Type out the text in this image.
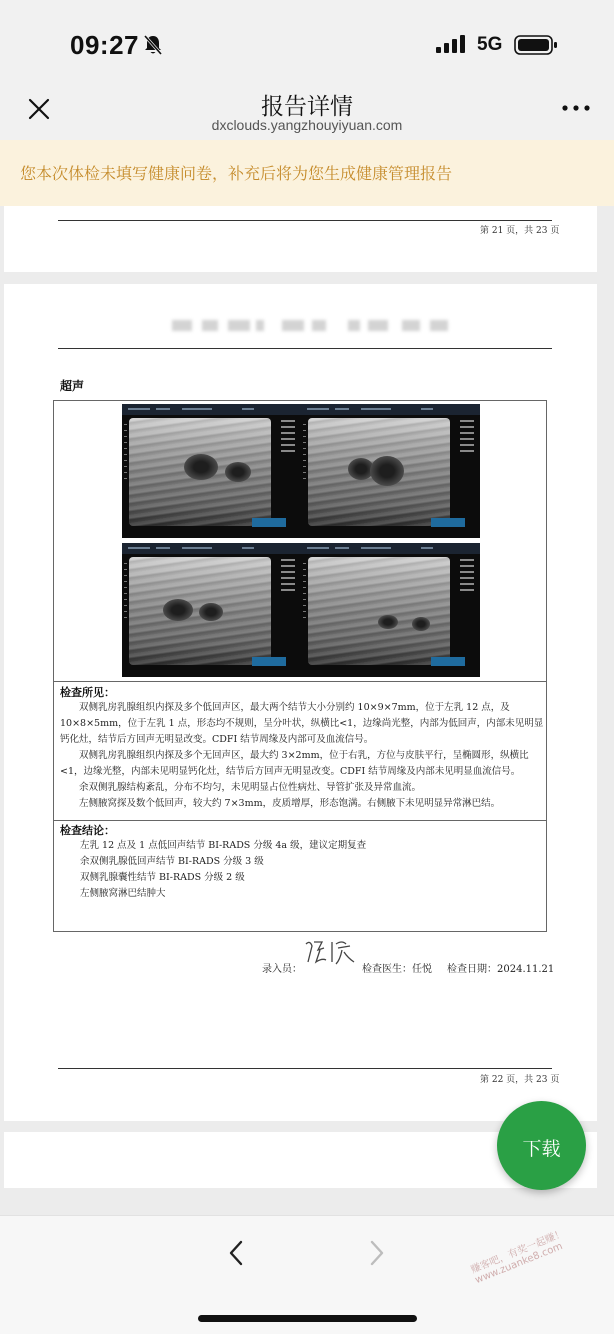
09:27	5G
报告详情
dxclouds.yangzhouyiyuan.com
您本次体检未填写健康问卷，补充后将为您生成健康管理报告
第 21 页，共 23 页
超声
检查所见：
双侧乳房乳腺组织内探及多个低回声区，最大两个结节大小分别约 10×9×7mm，位于左乳 12 点，及 10×8×5mm，位于左乳 1 点，形态均不规则，呈分叶状，纵横比<1，边缘尚光整，内部为低回声，内部未见明显钙化灶，结节后方回声无明显改变。CDFI 结节周缘及内部可及血流信号。
双侧乳房乳腺组织内探及多个无回声区，最大约 3×2mm，位于右乳，方位与皮肤平行，呈椭圆形，纵横比<1，边缘光整，内部未见明显钙化灶，结节后方回声无明显改变。CDFI 结节周缘及内部未见明显血流信号。
余双侧乳腺结构紊乱，分布不均匀，未见明显占位性病灶、导管扩张及异常血流。
左侧腋窝探及数个低回声，较大约 7×3mm，皮质增厚，形态饱满。右侧腋下未见明显异常淋巴结。
检查结论：
左乳 12 点及 1 点低回声结节 BI-RADS 分级 4a 级，建议定期复查
余双侧乳腺低回声结节 BI-RADS 分级 3 级
双侧乳腺囊性结节 BI-RADS 分级 2 级
左侧腋窝淋巴结肿大
录入员：	检查医生：任悦 检查日期：2024.11.21
第 22 页，共 23 页
下载
赚客吧，有奖一起赚！ www.zuanke8.com
